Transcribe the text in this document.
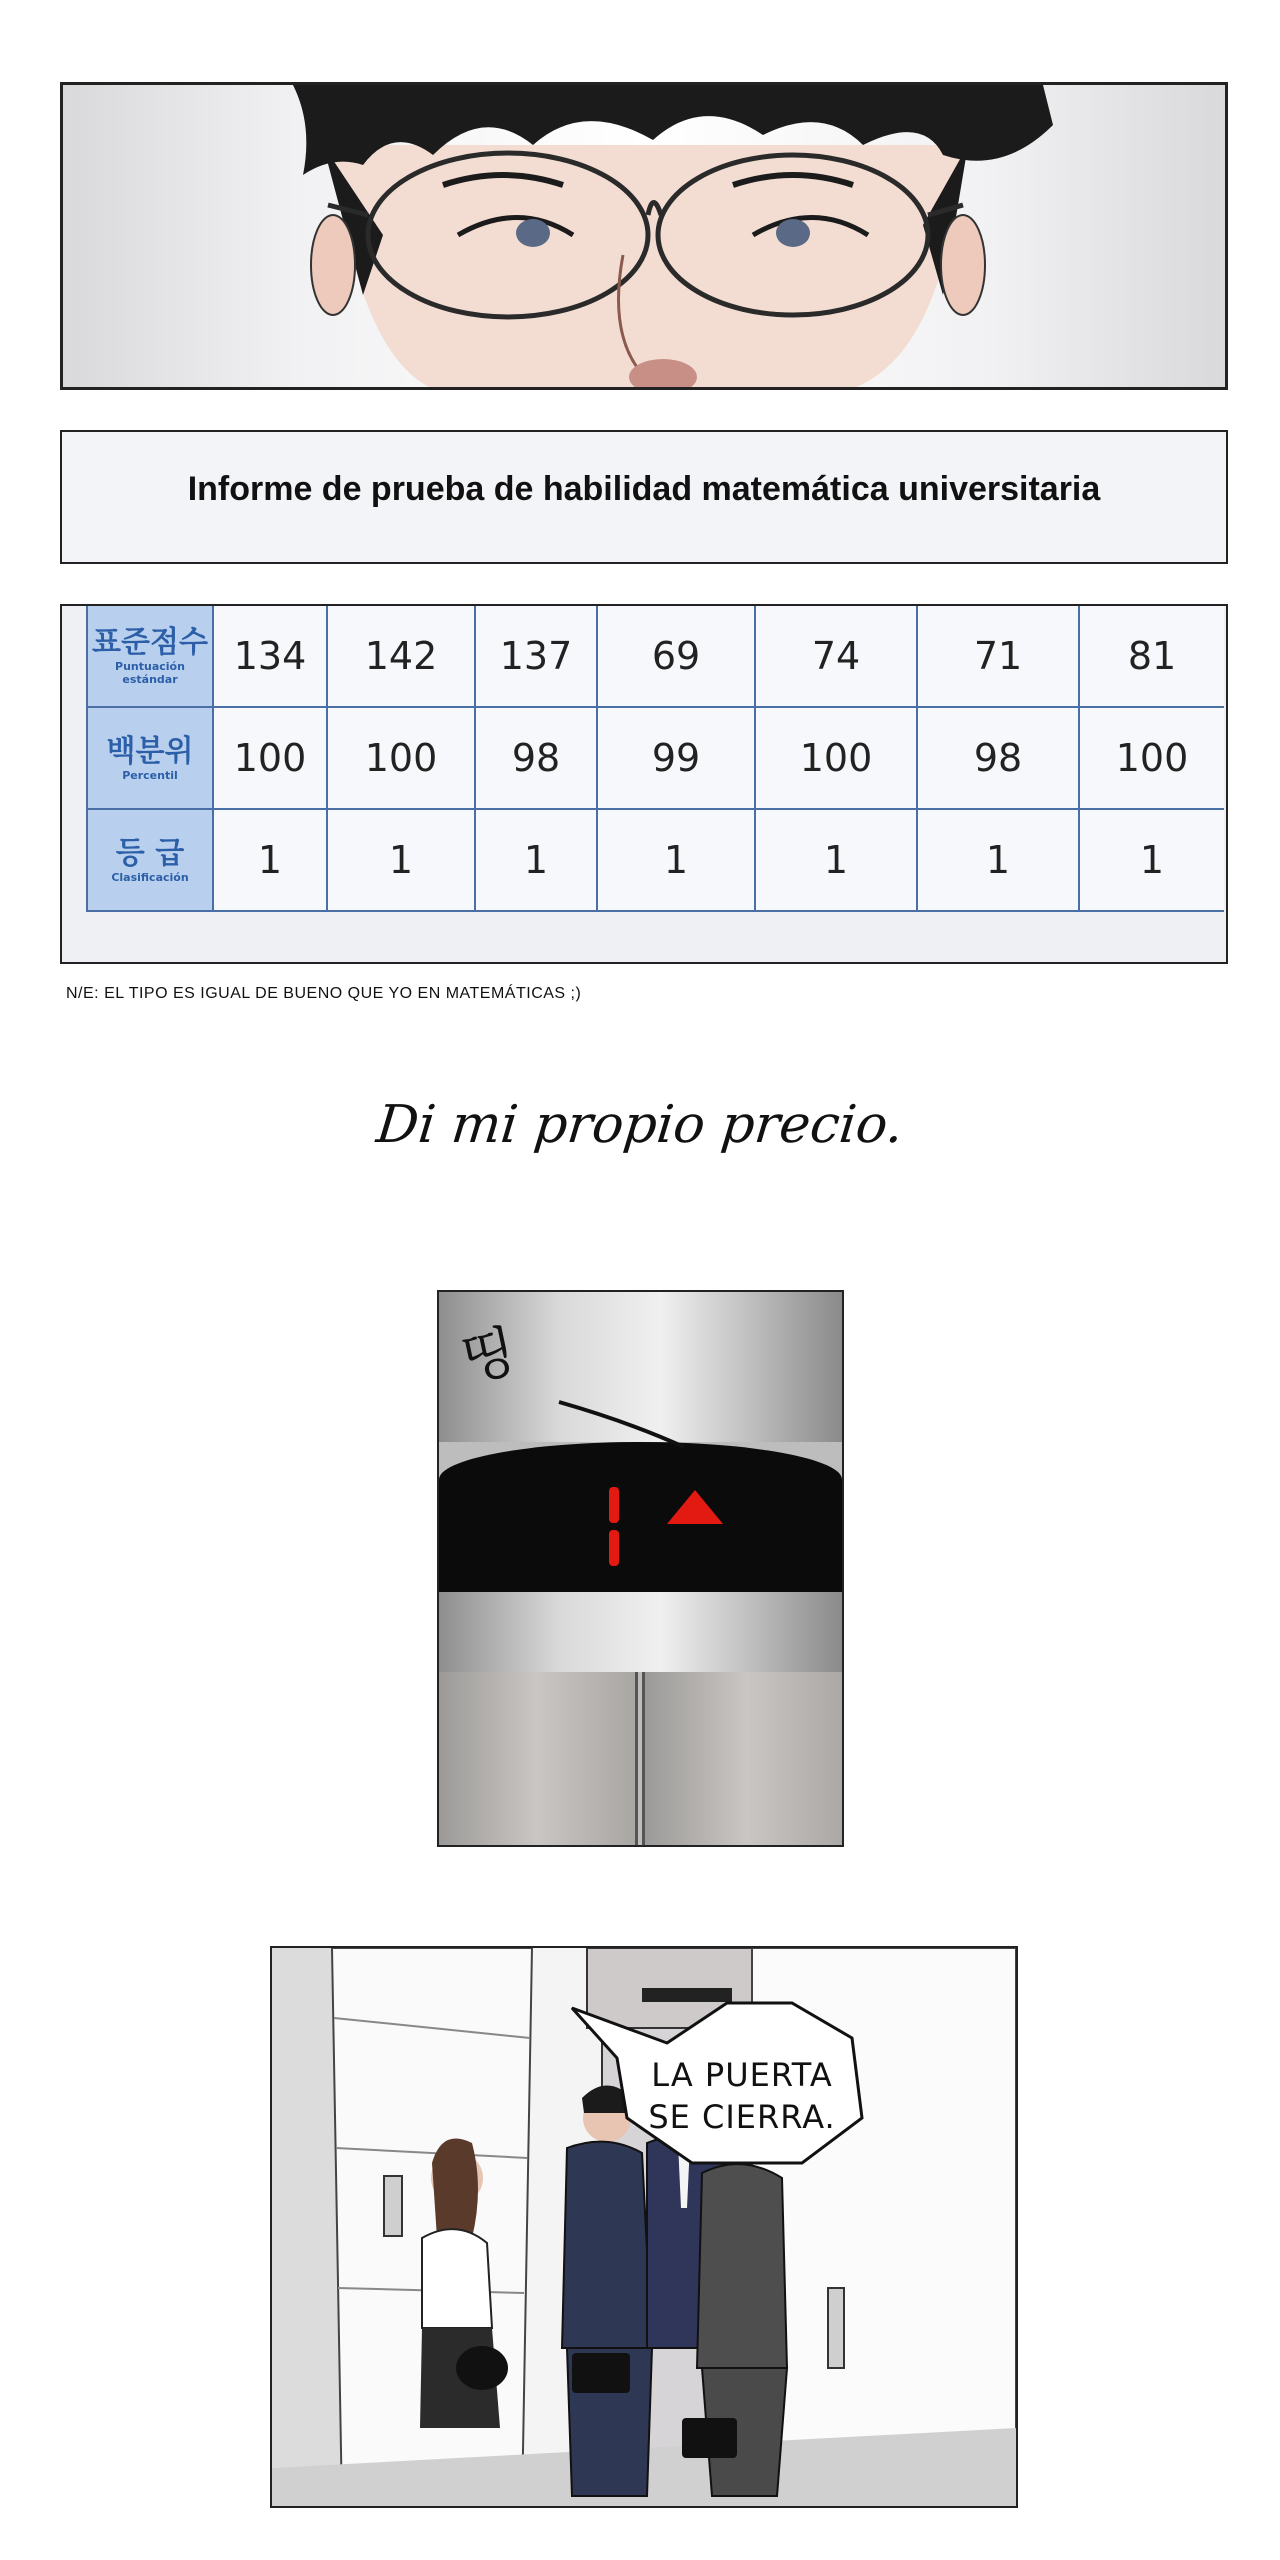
Informe de prueba de habilidad matemática universitaria
표준점수
Puntuación estándar	134	142	137	69	74	71	81

백분위
Percentil	100	100	98	99	100	98	100

등 급
Clasificación	1	1	1	1	1	1	1
N/E: EL TIPO ES IGUAL DE BUENO QUE YO EN MATEMÁTICAS ;)
Di mi propio precio.
띵
LA PUERTA
SE CIERRA.
